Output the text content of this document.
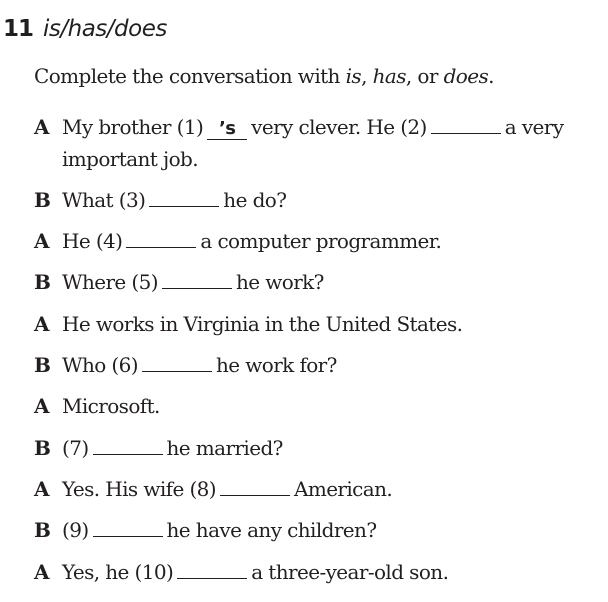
11 is/has/does
Complete the conversation with is, has, or does.
A My brother (1) ’s very clever. He (2)	a very
important job.
B What (3)	he do?
A He (4)	a computer programmer.
B Where (5)	he work?
A He works in Virginia in the United States.
B Who (6)	he work for?
A Microsoft.
B (7)	he married?
A Yes. His wife (8)	American.
B (9)	he have any children?
A Yes, he (10)	a three-year-old son.
